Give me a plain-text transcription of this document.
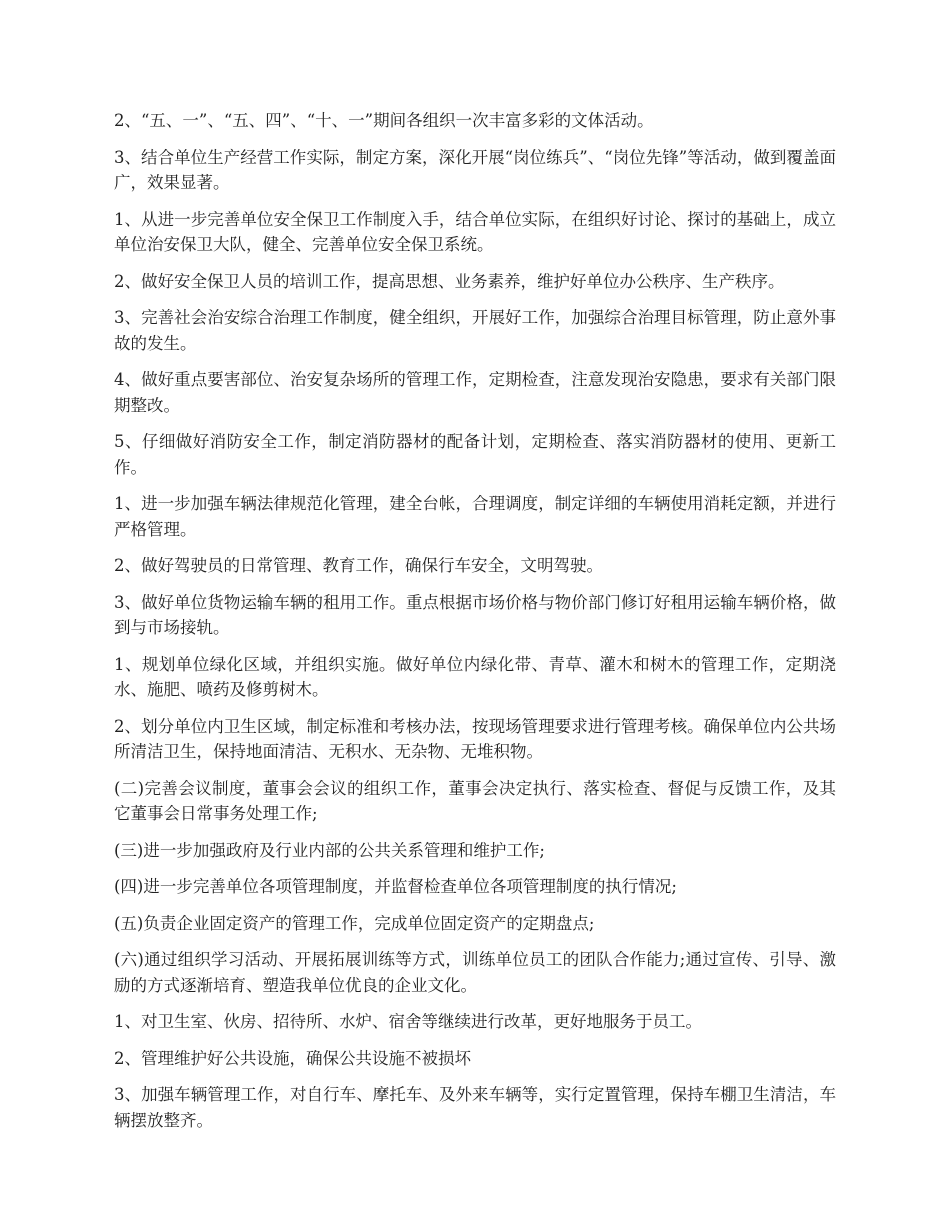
2、“五、一”、“五、四”、“十、一”期间各组织一次丰富多彩的文体活动。

3、结合单位生产经营工作实际，制定方案，深化开展“岗位练兵”、“岗位先锋”等活动，做到覆盖面广，效果显著。

1、从进一步完善单位安全保卫工作制度入手，结合单位实际，在组织好讨论、探讨的基础上，成立单位治安保卫大队，健全、完善单位安全保卫系统。

2、做好安全保卫人员的培训工作，提高思想、业务素养，维护好单位办公秩序、生产秩序。

3、完善社会治安综合治理工作制度，健全组织，开展好工作，加强综合治理目标管理，防止意外事故的发生。

4、做好重点要害部位、治安复杂场所的管理工作，定期检查，注意发现治安隐患，要求有关部门限期整改。

5、仔细做好消防安全工作，制定消防器材的配备计划，定期检查、落实消防器材的使用、更新工作。

1、进一步加强车辆法律规范化管理，建全台帐，合理调度，制定详细的车辆使用消耗定额，并进行严格管理。

2、做好驾驶员的日常管理、教育工作，确保行车安全，文明驾驶。

3、做好单位货物运输车辆的租用工作。重点根据市场价格与物价部门修订好租用运输车辆价格，做到与市场接轨。

1、规划单位绿化区域，并组织实施。做好单位内绿化带、青草、灌木和树木的管理工作，定期浇水、施肥、喷药及修剪树木。

2、划分单位内卫生区域，制定标准和考核办法，按现场管理要求进行管理考核。确保单位内公共场所清洁卫生，保持地面清洁、无积水、无杂物、无堆积物。

(二)完善会议制度，董事会会议的组织工作，董事会决定执行、落实检查、督促与反馈工作，及其它董事会日常事务处理工作;

(三)进一步加强政府及行业内部的公共关系管理和维护工作;

(四)进一步完善单位各项管理制度，并监督检查单位各项管理制度的执行情况;

(五)负责企业固定资产的管理工作，完成单位固定资产的定期盘点;

(六)通过组织学习活动、开展拓展训练等方式，训练单位员工的团队合作能力;通过宣传、引导、激励的方式逐渐培育、塑造我单位优良的企业文化。

1、对卫生室、伙房、招待所、水炉、宿舍等继续进行改革，更好地服务于员工。

2、管理维护好公共设施，确保公共设施不被损坏

3、加强车辆管理工作，对自行车、摩托车、及外来车辆等，实行定置管理，保持车棚卫生清洁，车辆摆放整齐。
